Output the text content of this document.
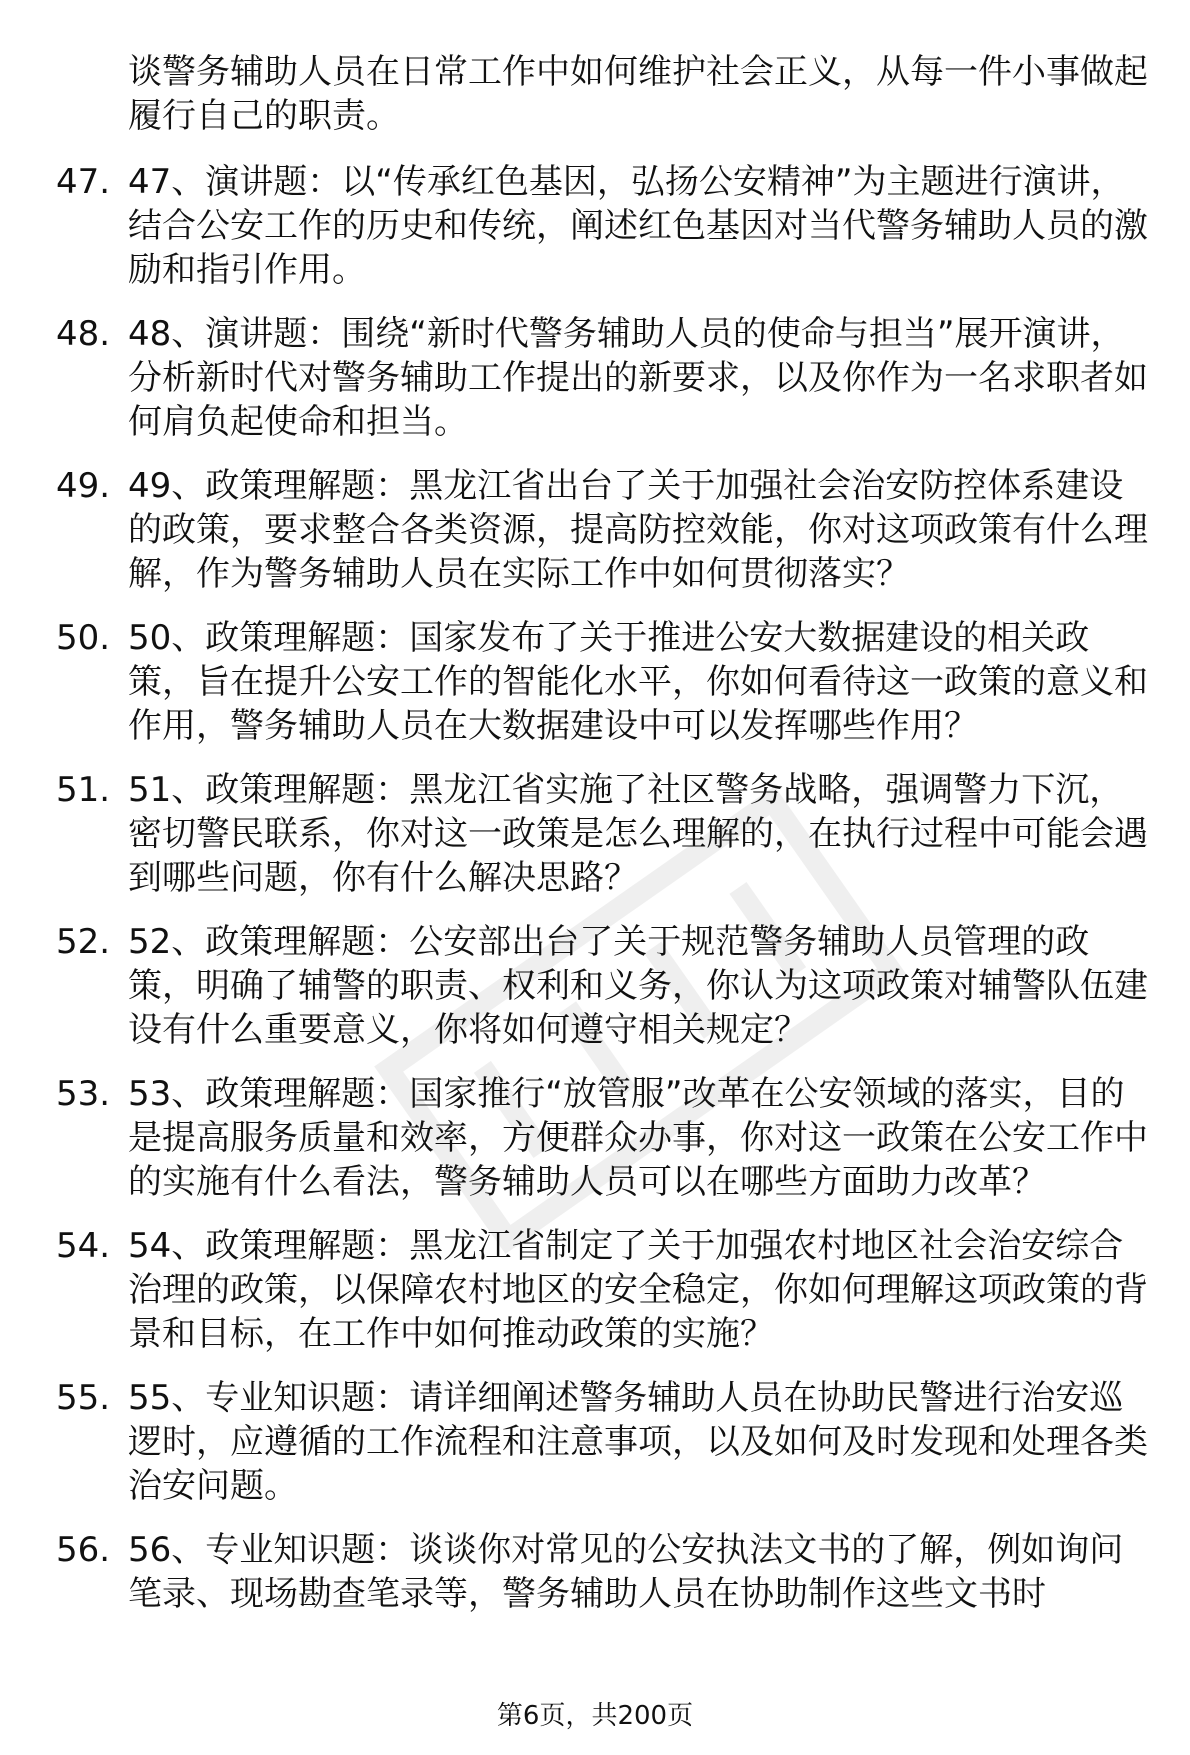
谈警务辅助人员在日常工作中如何维护社会正义，从每一件小事做起履行自己的职责。

47. 47、演讲题：以“传承红色基因，弘扬公安精神”为主题进行演讲，结合公安工作的历史和传统，阐述红色基因对当代警务辅助人员的激励和指引作用。
48. 48、演讲题：围绕“新时代警务辅助人员的使命与担当”展开演讲，分析新时代对警务辅助工作提出的新要求，以及你作为一名求职者如何肩负起使命和担当。
49. 49、政策理解题：黑龙江省出台了关于加强社会治安防控体系建设的政策，要求整合各类资源，提高防控效能，你对这项政策有什么理解，作为警务辅助人员在实际工作中如何贯彻落实？
50. 50、政策理解题：国家发布了关于推进公安大数据建设的相关政策，旨在提升公安工作的智能化水平，你如何看待这一政策的意义和作用，警务辅助人员在大数据建设中可以发挥哪些作用？
51. 51、政策理解题：黑龙江省实施了社区警务战略，强调警力下沉，密切警民联系，你对这一政策是怎么理解的，在执行过程中可能会遇到哪些问题，你有什么解决思路？
52. 52、政策理解题：公安部出台了关于规范警务辅助人员管理的政策，明确了辅警的职责、权利和义务，你认为这项政策对辅警队伍建设有什么重要意义，你将如何遵守相关规定？
53. 53、政策理解题：国家推行“放管服”改革在公安领域的落实，目的是提高服务质量和效率，方便群众办事，你对这一政策在公安工作中的实施有什么看法，警务辅助人员可以在哪些方面助力改革？
54. 54、政策理解题：黑龙江省制定了关于加强农村地区社会治安综合治理的政策，以保障农村地区的安全稳定，你如何理解这项政策的背景和目标，在工作中如何推动政策的实施？
55. 55、专业知识题：请详细阐述警务辅助人员在协助民警进行治安巡逻时，应遵循的工作流程和注意事项，以及如何及时发现和处理各类治安问题。
56. 56、专业知识题：谈谈你对常见的公安执法文书的了解，例如询问笔录、现场勘查笔录等，警务辅助人员在协助制作这些文书时
第6页，共200页
